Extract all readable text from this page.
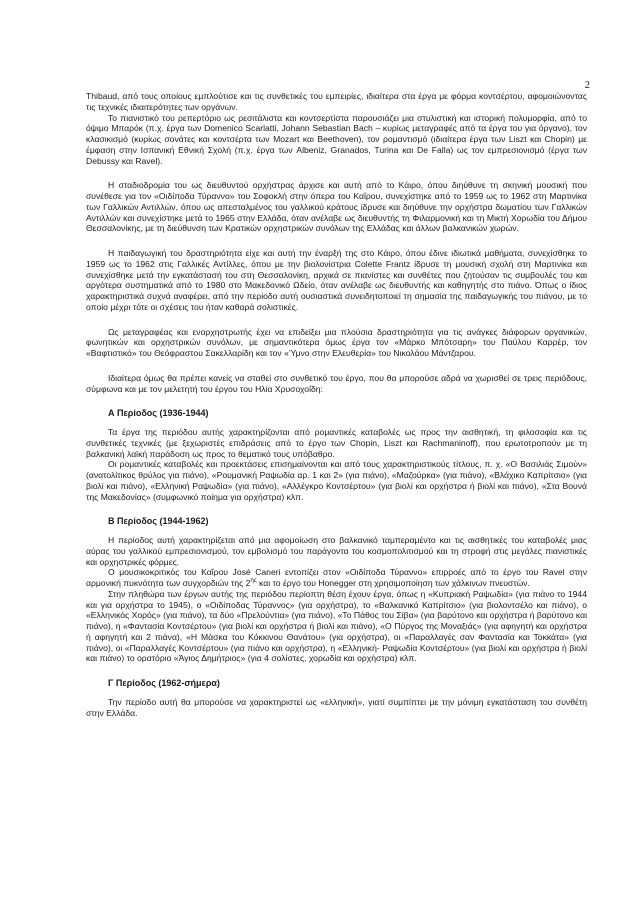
2

Thibaud, από τους οποίους εμπλούτισε και τις συνθετικές του εμπειρίες, ιδιαίτερα στα έργα με φόρμα κοντσέρτου, αφομοιώνοντας τις τεχνικές ιδιαιτερότητες των οργάνων.

Το πιανιστικό του ρεπερτόριο ως ρεσιτάλιστα και κοντσερτίστα παρουσιάζει μια στυλιστική και ιστορική πολυμορφία, από το όψιμο Μπαρόκ (π.χ. έργα των Domenico Scarlatti, Johann Sebastian Bach – κυρίως μεταγραφές από τα έργα του για όργανο), τον κλασικισμό (κυρίως σονάτες και κοντσέρτα των Mozart και Beethoven), τον ρομαντισμό (ιδιαίτερα έργα των Liszt και Chopin) με έμφαση στην Ισπανική Εθνική Σχολή (π.χ. έργα των Albeniz, Granados, Turina και De Falla) ως τον εμπρεσιονισμό (έργα των Debussy και Ravel).

Η σταδιοδρομία του ως διευθυντού ορχήστρας άρχισε και αυτή από το Κάιρο, όπου διηύθυνε τη σκηνική μουσική που συνέθεσε για τον «Οιδίποδα Τύραννο» του Σοφοκλή στην όπερα του Καΐρου, συνεχίστηκε από το 1959 ως το 1962 στη Μαρτινίκα των Γαλλικών Αντιλλών, όπου ως απεσταλμένος του γαλλικού κράτους ίδρυσε και διηύθυνε την ορχήστρα δωματίου των Γαλλικών Αντιλλών και συνεχίστηκε μετά το 1965 στην Ελλάδα, όταν ανέλαβε ως διευθυντής τη Φιλαρμονική και τη Μικτή Χορωδία του Δήμου Θεσσαλονίκης, με τη διεύθυνση των Κρατικών ορχηστρικών συνόλων της Ελλάδας και άλλων βαλκανικών χωρών.

Η παιδαγωγική του δραστηριότητα είχε και αυτή την έναρξή της στο Κάιρο, όπου έδινε ιδιωτικά μαθήματα, συνεχίσθηκε το 1959 ως το 1962 στις Γαλλικές Αντίλλες, όπου με την βιολονίστρια Colette Frantz ίδρυσε τη μουσική σχολή στη Μαρτινίκα και συνεχίσθηκε μετά την εγκατάστασή του στη Θεσσαλονίκη, αρχικά σε πιανίστες και συνθέτες που ζητούσαν τις συμβουλές του και αργότερα συστηματικά από το 1980 στο Μακεδονικό Ωδείο, όταν ανέλαβε ως διευθυντής και καθηγητής στο πιάνο. Όπως ο ίδιος χαρακτηριστικά συχνά αναφέρει, από την περίοδο αυτή ουσιαστικά συνειδητοποιεί τη σημασία της παιδαγωγικής του πιάνου, με το οποίο μέχρι τότε οι σχέσεις του ήταν καθαρά σολιστικές.

Ως μεταγραφέας και ενορχηστρωτής έχει να επιδείξει μια πλούσια δραστηριότητα για τις ανάγκες διάφορων οργανικών, φωνητικών και ορχηστρικών συνόλων, με σημαντικότερα όμως έργα τον «Μάρκο Μπότσαρη» του Παύλου Καρρέρ, τον «Βαφτιστικό» του Θεόφραστου Σακελλαρίδη και τον «Ύμνο στην Ελευθερία» του Νικολάου Μάντζαρου.

Ιδιαίτερα όμως θα πρέπει κανείς να σταθεί στο συνθετικό του έργο, που θα μπορούσε αδρά να χωρισθεί σε τρεις περιόδους, σύμφωνα και με τον μελετητή του έργου του Ηλία Χρυσοχοΐδη:

Α Περίοδος (1936-1944)

Τα έργα της περιόδου αυτής χαρακτηρίζονται από ρομαντικές καταβολές ως προς την αισθητική, τη φιλοσοφία και τις συνθετικές τεχνικές (με ξεχωριστές επιδράσεις από το έργο των Chopin, Liszt και Rachmaninoff), που ερωτοτροπούν με τη βαλκανική λαϊκή παράδοση ως προς το θεματικό τους υπόβαθρο.

Οι ρομαντικές καταβολές και προεκτάσεις επισημαίνονται και από τους χαρακτηριστικούς τίτλους, π. χ. «Ο Βασιλιάς Σιμούν» (ανατολίτικος θρύλος για πιάνο), «Ρουμανική Ραψωδία αρ. 1 και 2» (για πιάνο), «Μαζούρκα» (για πιάνο), «Βλάχικο Καπρίτσιο» (για βιολί και πιάνο), «Ελληνική Ραψωδία» (για πιάνο), «Αλλέγκρο Κοντσέρτου» (για βιολί και ορχήστρα ή βιολί και πιάνο), «Στα Βουνά της Μακεδονίας» (συμφωνικό ποίημα για ορχήστρα) κλπ.

Β Περίοδος (1944-1962)

Η περίοδος αυτή χαρακτηρίζεται από μια αφομοίωση στο βαλκανικό ταμπεραμέντο και τις αισθητικές του καταβολές μιας αύρας του γαλλικού εμπρεσιονισμού, τον εμβολισμό του παράγοντα του κοσμοπολιτισμού και τη στροφή στις μεγάλες πιανιστικές και ορχηστρικές φόρμες.

Ο μουσικοκριτικός του Καΐρου José Caneri εντοπίζει στον «Οιδίποδα Τύραννο» επιρροές από το έργο του Ravel στην αρμονική πυκνότητα των συγχορδιών της $2^{\eta\varsigma}$ και το έργο του Honegger στη χρησιμοποίηση των χάλκινων πνευστών.

Στην πληθώρα των έργων αυτής της περιόδου περίοπτη θέση έχουν έργα, όπως η «Κυπριακή Ραψωδία» (για πιάνο το 1944 και για ορχήστρα το 1945), ο «Οιδίποδας Τύραννος» (για ορχήστρα), το «Βαλκανικό Καπρίτσιο» (για βιολοντσέλο και πιάνο), ο «Ελληνικός Χορός» (για πιάνο), τα δύο «Πρελούντια» (για πιάνο), «Το Πάθος του Σίβα» (για βαρύτονο και ορχήστρα ή βαρύτονο και πιάνο), η «Φαντασία Κοντσέρτου» (για βιολί και ορχήστρα ή βιολί και πιάνο), «Ο Πύργος της Μοναξιάς» (για αφηγητή και ορχήστρα ή αφηγητή και 2 πιάνα), «Η Μάσκα του Κόκκινου Θανάτου» (για ορχήστρα), οι «Παραλλαγές σαν Φαντασία και Τοκκάτα» (για πιάνο), οι «Παραλλαγές Κοντσέρτου» (για πιάνο και ορχήστρα), η «Ελληνική- Ραψωδία Κοντσέρτου» (για βιολί και ορχήστρα ή βιολί και πιάνο) το ορατόριο «Άγιος Δημήτριος» (για 4 σολίστες, χορωδία και ορχήστρα) κλπ.

Γ Περίοδος (1962-σήμερα)

Την περίοδο αυτή θα μπορούσε να χαρακτηριστεί ως «ελληνική», γιατί συμπίπτει με την μόνιμη εγκατάσταση του συνθέτη στην Ελλάδα.
